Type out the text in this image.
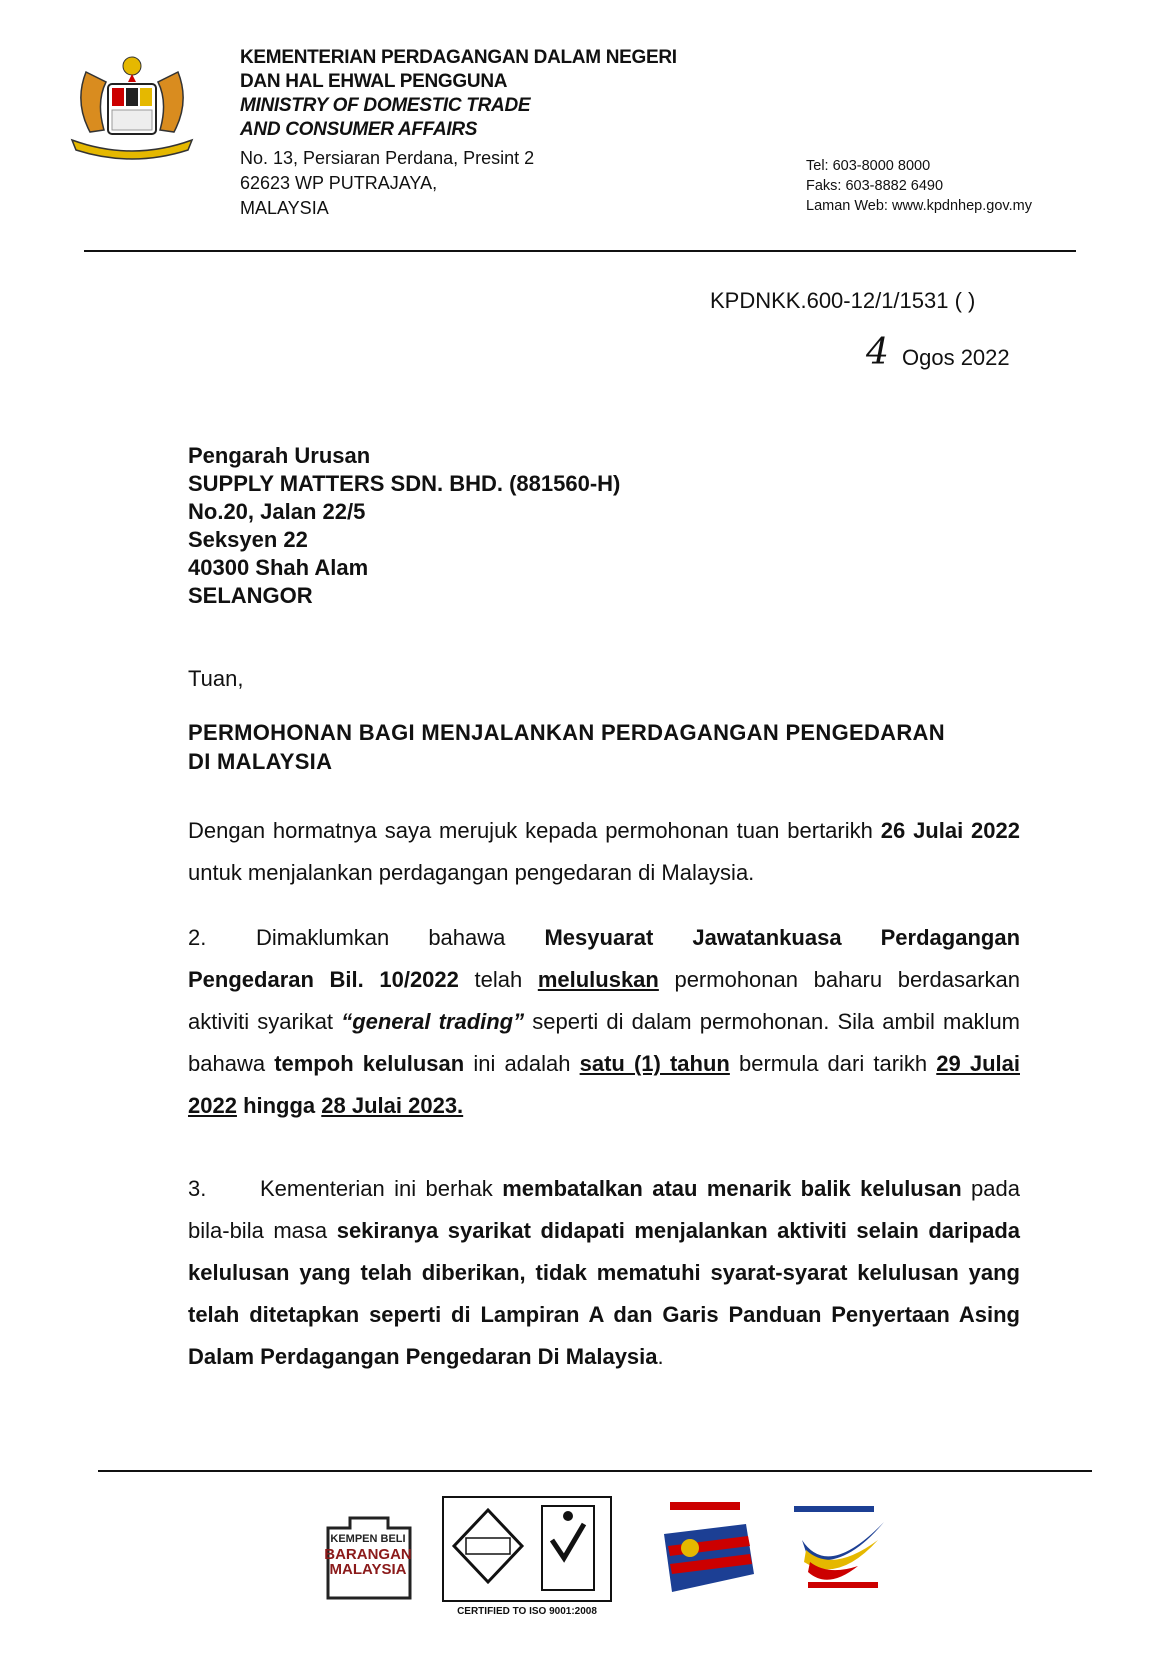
KEMENTERIAN PERDAGANGAN DALAM NEGERI
DAN HAL EHWAL PENGGUNA
MINISTRY OF DOMESTIC TRADE
AND CONSUMER AFFAIRS
No. 13, Persiaran Perdana, Presint 2
62623 WP PUTRAJAYA,
MALAYSIA
Tel: 603-8000 8000
Faks: 603-8882 6490
Laman Web: www.kpdnhep.gov.my
KPDNKK.600-12/1/1531 ( )
4 Ogos 2022
Pengarah Urusan
SUPPLY MATTERS SDN. BHD. (881560-H)
No.20, Jalan 22/5
Seksyen 22
40300 Shah Alam
SELANGOR
Tuan,
PERMOHONAN BAGI MENJALANKAN PERDAGANGAN PENGEDARAN
DI MALAYSIA
Dengan hormatnya saya merujuk kepada permohonan tuan bertarikh 26 Julai 2022 untuk menjalankan perdagangan pengedaran di Malaysia.
2. Dimaklumkan bahawa Mesyuarat Jawatankuasa Perdagangan Pengedaran Bil. 10/2022 telah meluluskan permohonan baharu berdasarkan aktiviti syarikat “general trading” seperti di dalam permohonan. Sila ambil maklum bahawa tempoh kelulusan ini adalah satu (1) tahun bermula dari tarikh 29 Julai 2022 hingga 28 Julai 2023.
3. Kementerian ini berhak membatalkan atau menarik balik kelulusan pada bila-bila masa sekiranya syarikat didapati menjalankan aktiviti selain daripada kelulusan yang telah diberikan, tidak mematuhi syarat-syarat kelulusan yang telah ditetapkan seperti di Lampiran A dan Garis Panduan Penyertaan Asing Dalam Perdagangan Pengedaran Di Malaysia.
KEMPEN BELI
BARANGAN
MALAYSIA
CERTIFIED TO ISO 9001:2008
